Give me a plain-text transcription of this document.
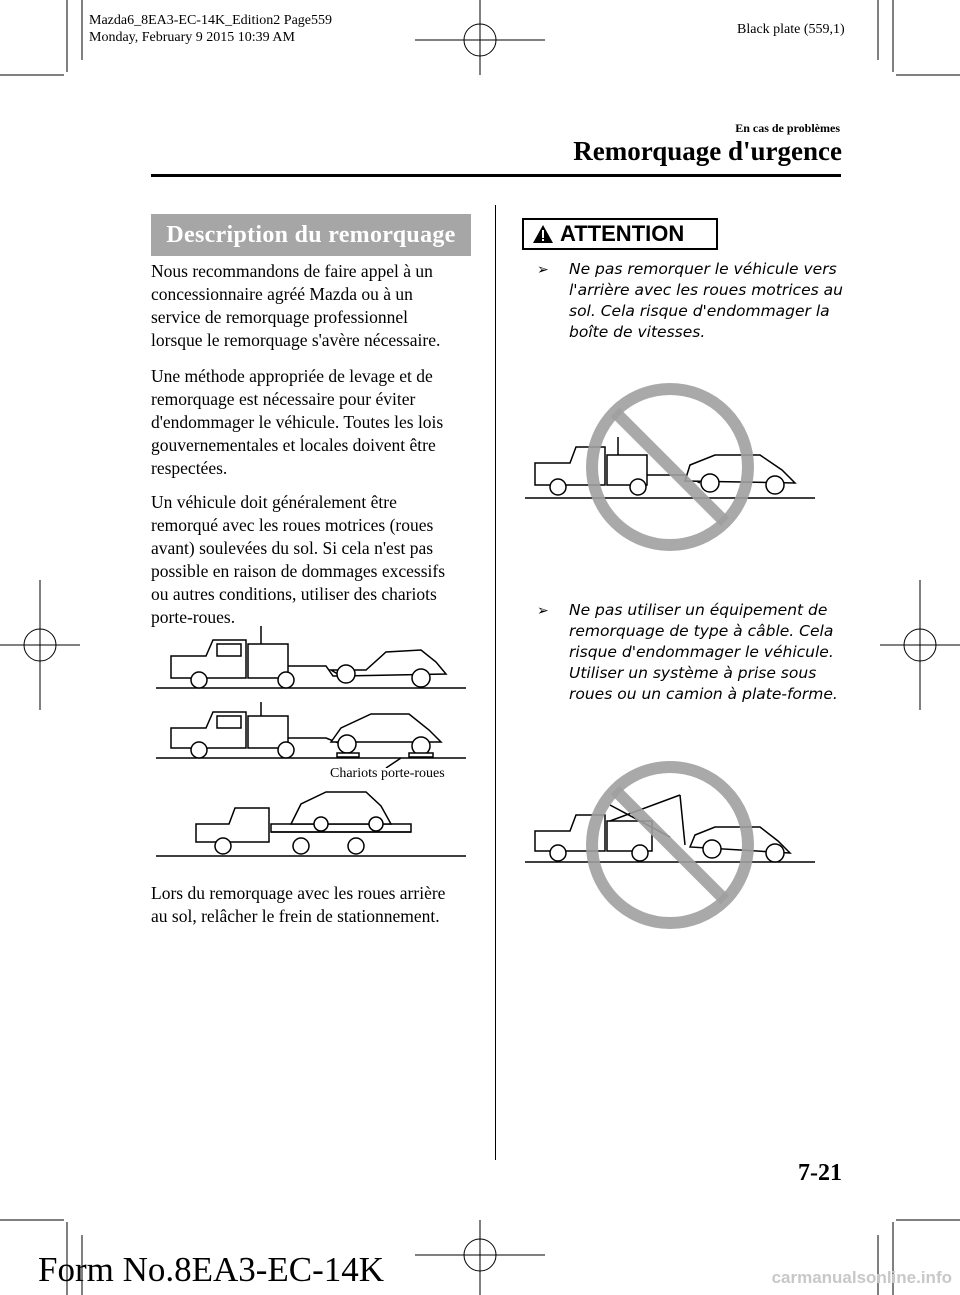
Mazda6_8EA3-EC-14K_Edition2 Page559
Monday, February 9 2015 10:39 AM
Black plate (559,1)
En cas de problèmes
Remorquage d'urgence
Description du remorquage
Nous recommandons de faire appel à un
concessionnaire agréé Mazda ou à un
service de remorquage professionnel
lorsque le remorquage s'avère nécessaire.
Une méthode appropriée de levage et de
remorquage est nécessaire pour éviter
d'endommager le véhicule. Toutes les lois
gouvernementales et locales doivent être
respectées.
Un véhicule doit généralement être
remorqué avec les roues motrices (roues
avant) soulevées du sol. Si cela n'est pas
possible en raison de dommages excessifs
ou autres conditions, utiliser des chariots
porte-roues.
Chariots porte-roues
Lors du remorquage avec les roues arrière
au sol, relâcher le frein de stationnement.
ATTENTION
➢	Ne pas remorquer le véhicule vers
l'arrière avec les roues motrices au
sol. Cela risque d'endommager la
boîte de vitesses.
➢	Ne pas utiliser un équipement de
remorquage de type à câble. Cela
risque d'endommager le véhicule.
Utiliser un système à prise sous
roues ou un camion à plate-forme.
7-21
Form No.8EA3-EC-14K	carmanualsonline.info
